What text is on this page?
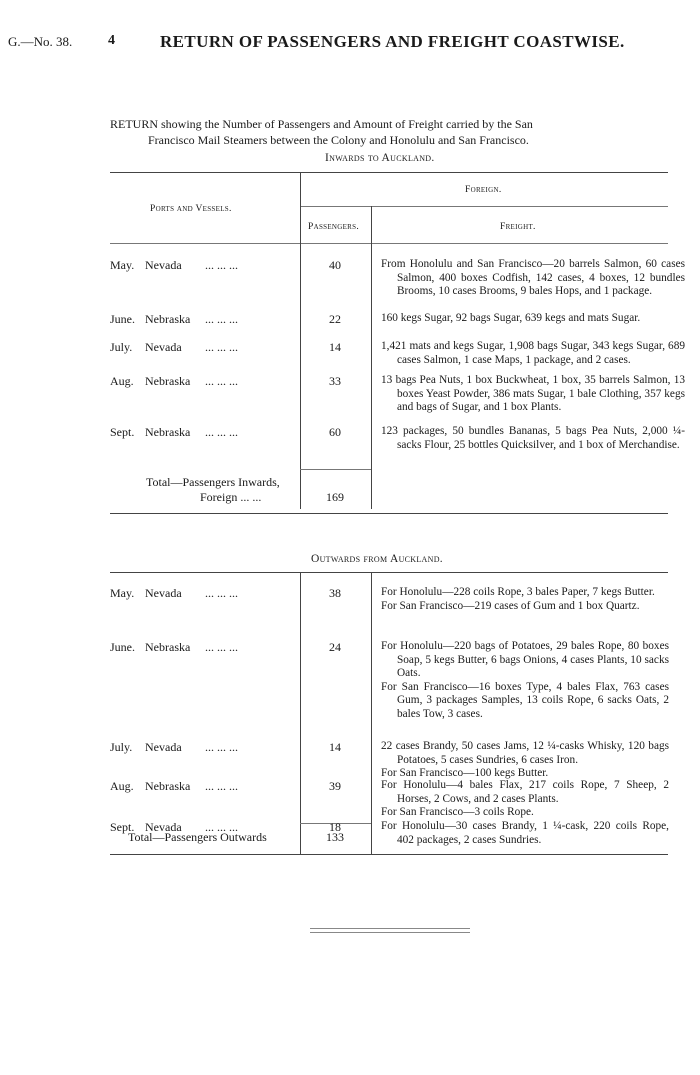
G.—No. 38.	4	RETURN OF PASSENGERS AND FREIGHT COASTWISE.
RETURN showing the Number of Passengers and Amount of Freight carried by the San
Francisco Mail Steamers between the Colony and Honolulu and San Francisco.
Inwards to Auckland.
Ports and Vessels.
Foreign.
Passengers.	Freight.
May. Nevada ... ... ...	40	From Honolulu and San Francisco—20 barrels Salmon, 60 cases Salmon, 400 boxes Codfish, 142 cases, 4 boxes, 12 bundles Brooms, 10 cases Brooms, 9 bales Hops, and 1 package.
June. Nebraska ... ... ...	22	160 kegs Sugar, 92 bags Sugar, 639 kegs and mats Sugar.
July. Nevada ... ... ...	14	1,421 mats and kegs Sugar, 1,908 bags Sugar, 343 kegs Sugar, 689 cases Salmon, 1 case Maps, 1 package, and 2 cases.
Aug. Nebraska ... ... ...	33	13 bags Pea Nuts, 1 box Buckwheat, 1 box, 35 barrels Salmon, 13 boxes Yeast Powder, 386 mats Sugar, 1 bale Clothing, 357 kegs and bags of Sugar, and 1 box Plants.
Sept. Nebraska ... ... ...	60	123 packages, 50 bundles Bananas, 5 bags Pea Nuts, 2,000 ¼-sacks Flour, 25 bottles Quicksilver, and 1 box of Merchandise.
Total—Passengers Inwards,
Foreign ... ...	169
Outwards from Auckland.
May. Nevada ... ... ...	38	For Honolulu—228 coils Rope, 3 bales Paper, 7 kegs Butter.
For San Francisco—219 cases of Gum and 1 box Quartz.
June. Nebraska ... ... ...	24	For Honolulu—220 bags of Potatoes, 29 bales Rope, 80 boxes Soap, 5 kegs Butter, 6 bags Onions, 4 cases Plants, 10 sacks Oats.
For San Francisco—16 boxes Type, 4 bales Flax, 763 cases Gum, 3 packages Samples, 13 coils Rope, 6 sacks Oats, 2 bales Tow, 3 cases.
July. Nevada ... ... ...	14	22 cases Brandy, 50 cases Jams, 12 ¼-casks Whisky, 120 bags Potatoes, 5 cases Sundries, 6 cases Iron.
For San Francisco—100 kegs Butter.
Aug. Nebraska ... ... ...	39	For Honolulu—4 bales Flax, 217 coils Rope, 7 Sheep, 2 Horses, 2 Cows, and 2 cases Plants.
For San Francisco—3 coils Rope.
Sept. Nevada ... ... ...	18	For Honolulu—30 cases Brandy, 1 ¼-cask, 220 coils Rope, 402 packages, 2 cases Sundries.
Total—Passengers Outwards	133
